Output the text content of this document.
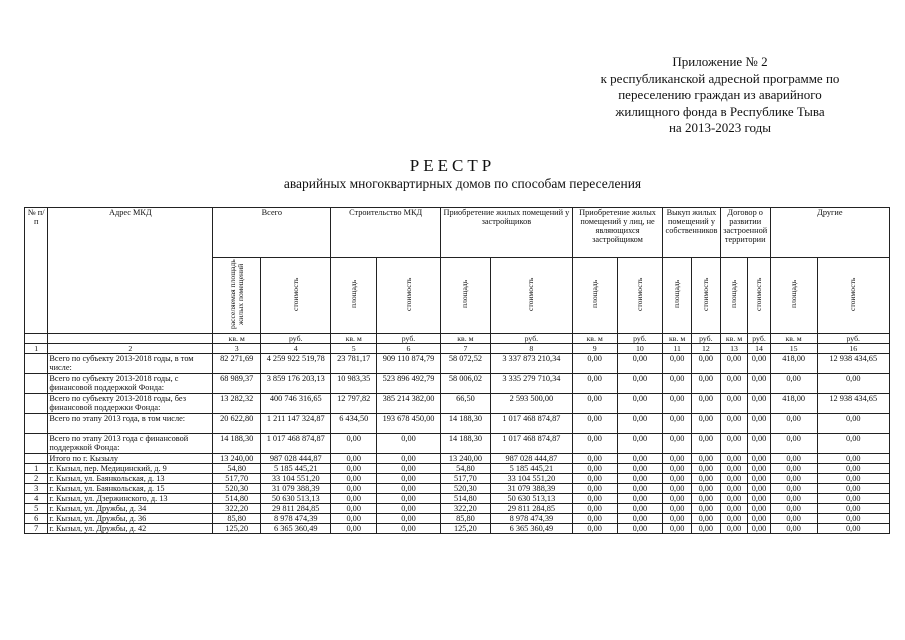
Приложение № 2
к республиканской адресной программе по
переселению граждан из аварийного
жилищного фонда в Республике Тыва
на 2013-2023 годы
РЕЕСТР
аварийных многоквартирных домов по способам переселения
№ п/п	Адрес МКД	Всего		Строительство МКД		Приобретение жилых помещений у застройщиков		Приобретение жилых помещений у лиц, не являющихся застройщиком		Выкуп жилых помещений у собственников		Договор о развитии застроенной территории		Другие	

		расселяемая площадь жилых помещений	стоимость	площадь	стоимость	площадь	стоимость	площадь	стоимость	площадь	стоимость	площадь	стоимость	площадь	стоимость

		кв. м	руб.	кв. м	руб.	кв. м	руб.	кв. м	руб.	кв. м	руб.	кв. м	руб.	кв. м	руб.
1	2	3	4	5	6	7	8	9	10	11	12	13	14	15	16
	Всего по субъекту 2013-2018 годы, в том числе:	82 271,69	4 259 922 519,78	23 781,17	909 110 874,79	58 072,52	3 337 873 210,34	0,00	0,00	0,00	0,00	0,00	0,00	418,00	12 938 434,65
	Всего по субъекту 2013-2018 годы, с финансовой поддержкой Фонда:	68 989,37	3 859 176 203,13	10 983,35	523 896 492,79	58 006,02	3 335 279 710,34	0,00	0,00	0,00	0,00	0,00	0,00	0,00	0,00
	Всего по субъекту 2013-2018 годы, без финансовой поддержки Фонда:	13 282,32	400 746 316,65	12 797,82	385 214 382,00	66,50	2 593 500,00	0,00	0,00	0,00	0,00	0,00	0,00	418,00	12 938 434,65
	Всего по этапу 2013 года, в том числе:	20 622,80	1 211 147 324,87	6 434,50	193 678 450,00	14 188,30	1 017 468 874,87	0,00	0,00	0,00	0,00	0,00	0,00	0,00	0,00
	Всего по этапу 2013 года с финансовой поддержкой Фонда:	14 188,30	1 017 468 874,87	0,00	0,00	14 188,30	1 017 468 874,87	0,00	0,00	0,00	0,00	0,00	0,00	0,00	0,00
	Итого по г. Кызылу	13 240,00	987 028 444,87	0,00	0,00	13 240,00	987 028 444,87	0,00	0,00	0,00	0,00	0,00	0,00	0,00	0,00
1	г. Кызыл, пер. Медицинский, д. 9	54,80	5 185 445,21	0,00	0,00	54,80	5 185 445,21	0,00	0,00	0,00	0,00	0,00	0,00	0,00	0,00
2	г. Кызыл, ул. Баянкольская, д. 13	517,70	33 104 551,20	0,00	0,00	517,70	33 104 551,20	0,00	0,00	0,00	0,00	0,00	0,00	0,00	0,00
3	г. Кызыл, ул. Баянкольская, д. 15	520,30	31 079 388,39	0,00	0,00	520,30	31 079 388,39	0,00	0,00	0,00	0,00	0,00	0,00	0,00	0,00
4	г. Кызыл, ул. Дзержинского, д. 13	514,80	50 630 513,13	0,00	0,00	514,80	50 630 513,13	0,00	0,00	0,00	0,00	0,00	0,00	0,00	0,00
5	г. Кызыл, ул. Дружбы, д. 34	322,20	29 811 284,85	0,00	0,00	322,20	29 811 284,85	0,00	0,00	0,00	0,00	0,00	0,00	0,00	0,00
6	г. Кызыл, ул. Дружбы, д. 36	85,80	8 978 474,39	0,00	0,00	85,80	8 978 474,39	0,00	0,00	0,00	0,00	0,00	0,00	0,00	0,00
7	г. Кызыл, ул. Дружбы, д. 42	125,20	6 365 360,49	0,00	0,00	125,20	6 365 360,49	0,00	0,00	0,00	0,00	0,00	0,00	0,00	0,00
